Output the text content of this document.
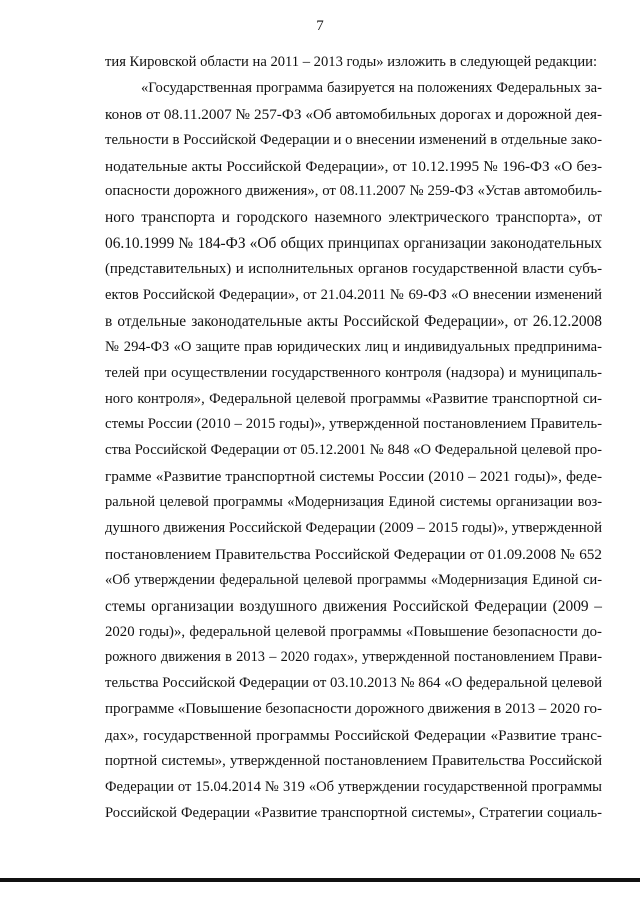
7
тия Кировской области на 2011 – 2013 годы» изложить в следующей редакции:
«Государственная программа базируется на положениях Федеральных за-
конов от 08.11.2007 № 257-ФЗ «Об автомобильных дорогах и дорожной дея-
тельности в Российской Федерации и о внесении изменений в отдельные зако-
нодательные акты Российской Федерации», от 10.12.1995 № 196-ФЗ «О без-
опасности дорожного движения», от 08.11.2007 № 259-ФЗ «Устав автомобиль-
ного транспорта и городского наземного электрического транспорта», от
06.10.1999 № 184-ФЗ «Об общих принципах организации законодательных
(представительных) и исполнительных органов государственной власти субъ-
ектов Российской Федерации», от 21.04.2011 № 69-ФЗ «О внесении изменений
в отдельные законодательные акты Российской Федерации», от 26.12.2008
№ 294-ФЗ «О защите прав юридических лиц и индивидуальных предпринима-
телей при осуществлении государственного контроля (надзора) и муниципаль-
ного контроля», Федеральной целевой программы «Развитие транспортной си-
стемы России (2010 – 2015 годы)», утвержденной постановлением Правитель-
ства Российской Федерации от 05.12.2001 № 848 «О Федеральной целевой про-
грамме «Развитие транспортной системы России (2010 – 2021 годы)», феде-
ральной целевой программы «Модернизация Единой системы организации воз-
душного движения Российской Федерации (2009 – 2015 годы)», утвержденной
постановлением Правительства Российской Федерации от 01.09.2008 № 652
«Об утверждении федеральной целевой программы «Модернизация Единой си-
стемы организации воздушного движения Российской Федерации (2009 –
2020 годы)», федеральной целевой программы «Повышение безопасности до-
рожного движения в 2013 – 2020 годах», утвержденной постановлением Прави-
тельства Российской Федерации от 03.10.2013 № 864 «О федеральной целевой
программе «Повышение безопасности дорожного движения в 2013 – 2020 го-
дах», государственной программы Российской Федерации «Развитие транс-
портной системы», утвержденной постановлением Правительства Российской
Федерации от 15.04.2014 № 319 «Об утверждении государственной программы
Российской Федерации «Развитие транспортной системы», Стратегии социаль-
